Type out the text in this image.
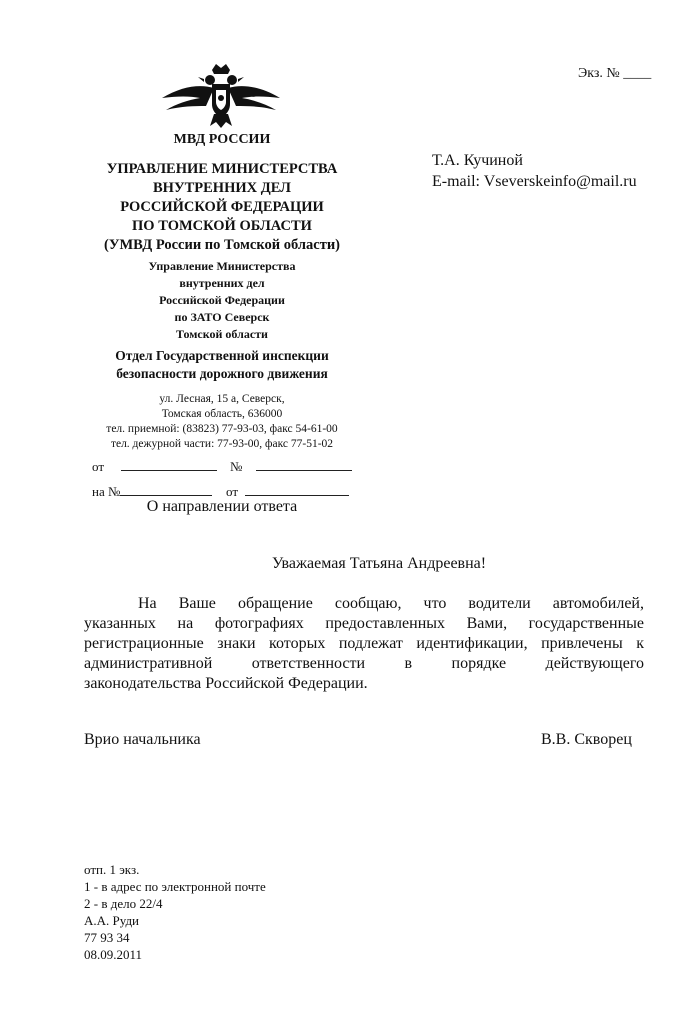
МВД РОССИИ
УПРАВЛЕНИЕ МИНИСТЕРСТВА
ВНУТРЕННИХ ДЕЛ
РОССИЙСКОЙ ФЕДЕРАЦИИ
ПО ТОМСКОЙ ОБЛАСТИ
(УМВД России по Томской области)
Управление Министерства
внутренних дел
Российской Федерации
по ЗАТО Северск
Томской области
Отдел Государственной инспекции
безопасности дорожного движения
ул. Лесная, 15 а, Северск,
Томская область, 636000
тел. приемной: (83823) 77-93-03, факс 54-61-00
тел. дежурной части: 77-93-00, факс 77-51-02
от	№
на №	от
О направлении ответа
Экз. № ____
Т.А. Кучиной
E-mail: Vseverskeinfo@mail.ru
Уважаемая Татьяна Андреевна!
На Ваше обращение сообщаю, что водители автомобилей,
указанных на фотографиях предоставленных Вами, государственные
регистрационные знаки которых подлежат идентификации, привлечены к
административной ответственности в порядке действующего
законодательства Российской Федерации.
Врио начальника	В.В. Скворец
отп. 1 экз.
1 - в адрес по электронной почте
2 - в дело 22/4
А.А. Руди
77 93 34
08.09.2011
